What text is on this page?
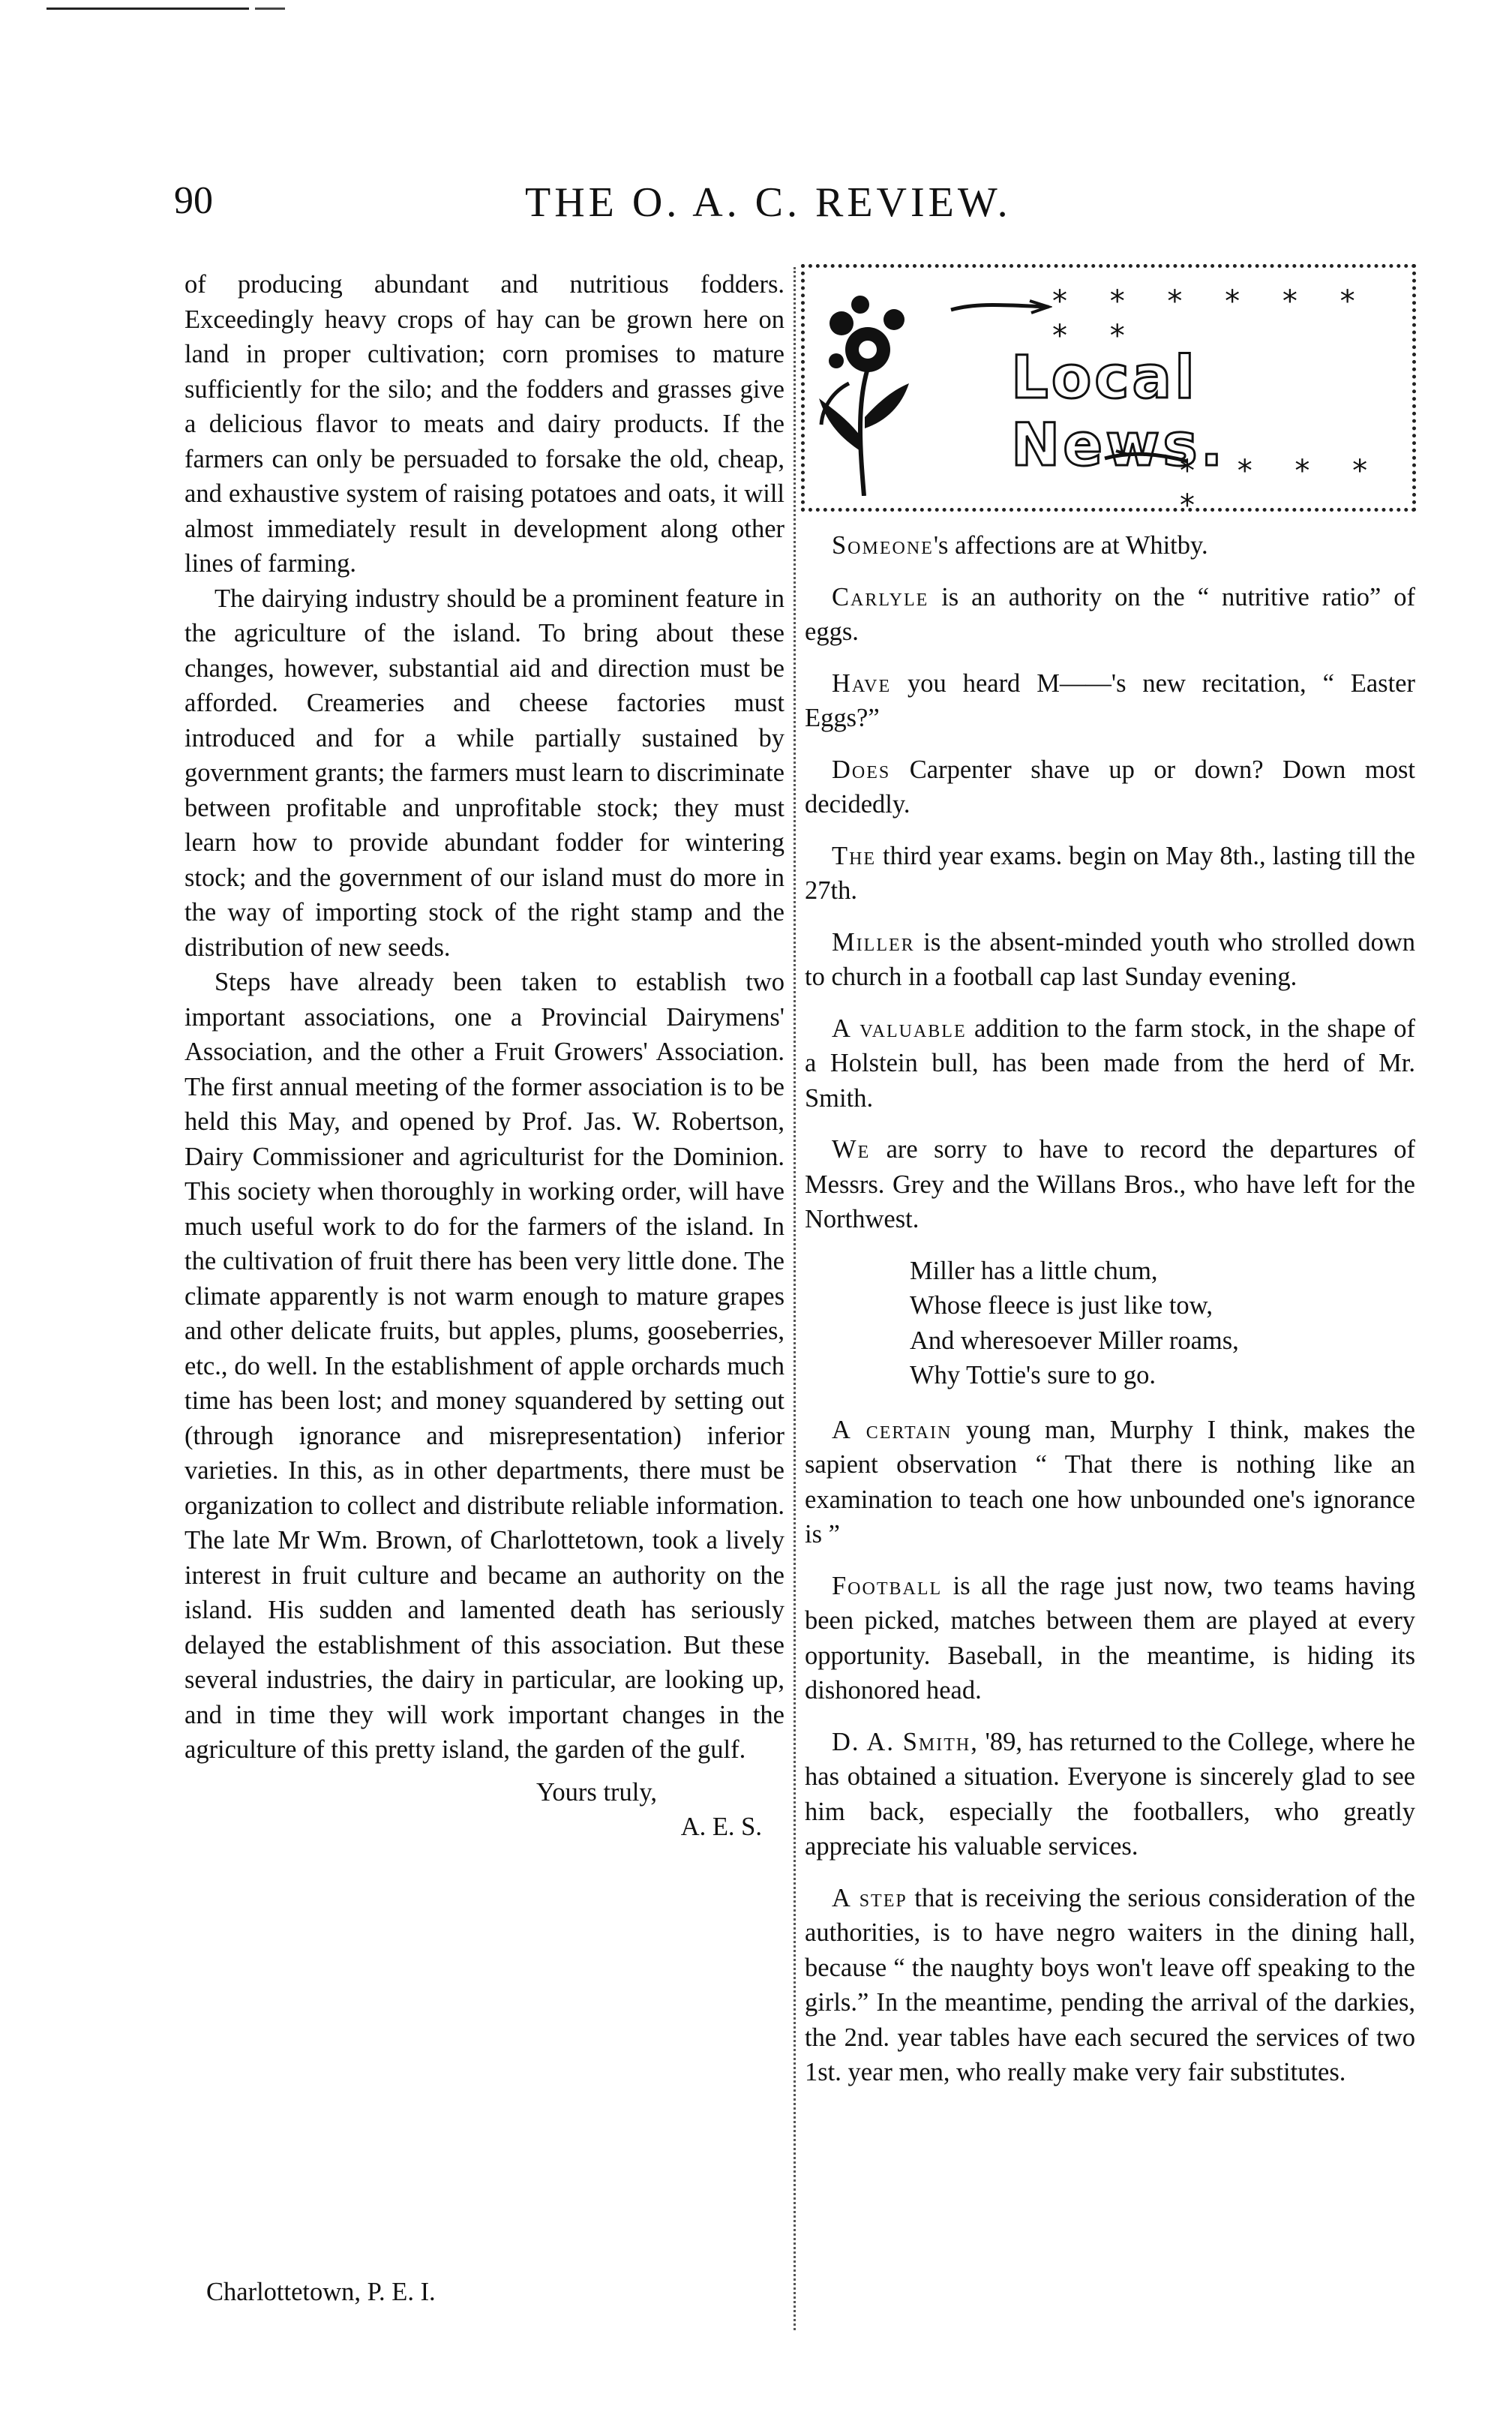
90	THE O. A. C. REVIEW.

of producing abundant and nutritious fodders. Exceedingly heavy crops of hay can be grown here on land in proper cultivation; corn promises to mature sufficiently for the silo; and the fodders and grasses give a delicious flavor to meats and dairy products. If the farmers can only be persuaded to forsake the old, cheap, and exhaustive system of raising potatoes and oats, it will almost immediately result in development along other lines of farming.

The dairying industry should be a prominent feature in the agriculture of the island. To bring about these changes, however, substantial aid and direction must be afforded. Creameries and cheese factories must introduced and for a while partially sustained by government grants; the farmers must learn to discriminate between profitable and unprofitable stock; they must learn how to provide abundant fodder for wintering stock; and the government of our island must do more in the way of importing stock of the right stamp and the distribution of new seeds.

Steps have already been taken to establish two important associations, one a Provincial Dairymens' Association, and the other a Fruit Growers' Association. The first annual meeting of the former association is to be held this May, and opened by Prof. Jas. W. Robertson, Dairy Commissioner and agriculturist for the Dominion. This society when thoroughly in working order, will have much useful work to do for the farmers of the island. In the cultivation of fruit there has been very little done. The climate apparently is not warm enough to mature grapes and other delicate fruits, but apples, plums, gooseberries, etc., do well. In the establishment of apple orchards much time has been lost; and money squandered by setting out (through ignorance and misrepresentation) inferior varieties. In this, as in other departments, there must be organization to collect and distribute reliable information. The late Mr Wm. Brown, of Charlottetown, took a lively interest in fruit culture and became an authority on the island. His sudden and lamented death has seriously delayed the establishment of this association. But these several industries, the dairy in particular, are looking up, and in time they will work important changes in the agriculture of this pretty island, the garden of the gulf.

Yours truly,
A. E. S.
Charlottetown, P. E. I.
* * * * * * * *
Local News.
* * * * *

Someone's affections are at Whitby.

Carlyle is an authority on the “ nutritive ratio” of eggs.

Have you heard M——'s new recitation, “ Easter Eggs?”

Does Carpenter shave up or down? Down most decidedly.

The third year exams. begin on May 8th., lasting till the 27th.

Miller is the absent-minded youth who strolled down to church in a football cap last Sunday evening.

A valuable addition to the farm stock, in the shape of a Holstein bull, has been made from the herd of Mr. Smith.

We are sorry to have to record the departures of Messrs. Grey and the Willans Bros., who have left for the Northwest.

Miller has a little chum,
Whose fleece is just like tow,
And wheresoever Miller roams,
Why Tottie's sure to go.

A certain young man, Murphy I think, makes the sapient observation “ That there is nothing like an examination to teach one how unbounded one's ignorance is ”

Football is all the rage just now, two teams having been picked, matches between them are played at every opportunity. Baseball, in the meantime, is hiding its dishonored head.

D. A. Smith, '89, has returned to the College, where he has obtained a situation. Everyone is sincerely glad to see him back, especially the footballers, who greatly appreciate his valuable services.

A step that is receiving the serious consideration of the authorities, is to have negro waiters in the dining hall, because “ the naughty boys won't leave off speaking to the girls.” In the meantime, pending the arrival of the darkies, the 2nd. year tables have each secured the services of two 1st. year men, who really make very fair substitutes.
